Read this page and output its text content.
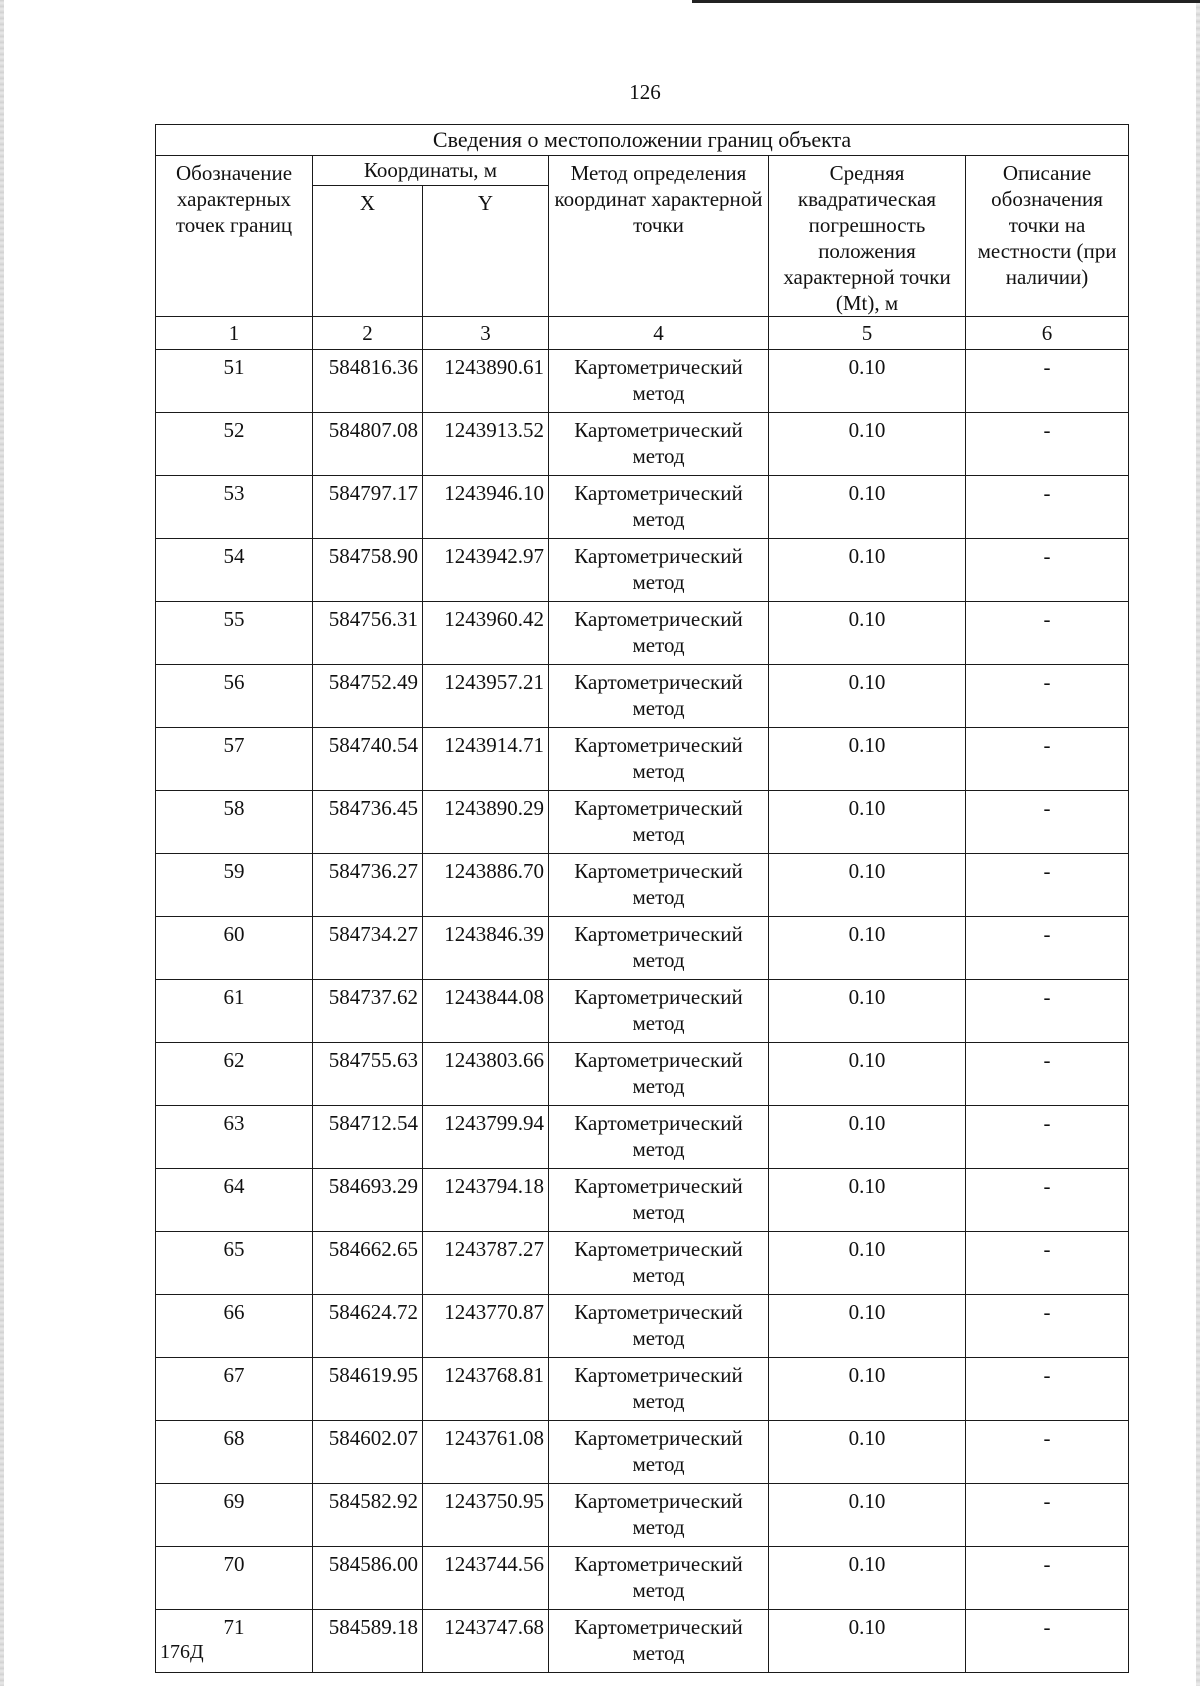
126
Сведения о местоположении границ объекта					
Обозначение характерных точек границ	Координаты, м		Метод определения координат характерной точки	Средняя квадратическая погрешность положения характерной точки (Mt), м	Описание обозначения точки на местности (при наличии)
	X	Y			
1	2	3	4	5	6
51	584816.36	1243890.61	Картометрический метод	0.10	-
52	584807.08	1243913.52	Картометрический метод	0.10	-
53	584797.17	1243946.10	Картометрический метод	0.10	-
54	584758.90	1243942.97	Картометрический метод	0.10	-
55	584756.31	1243960.42	Картометрический метод	0.10	-
56	584752.49	1243957.21	Картометрический метод	0.10	-
57	584740.54	1243914.71	Картометрический метод	0.10	-
58	584736.45	1243890.29	Картометрический метод	0.10	-
59	584736.27	1243886.70	Картометрический метод	0.10	-
60	584734.27	1243846.39	Картометрический метод	0.10	-
61	584737.62	1243844.08	Картометрический метод	0.10	-
62	584755.63	1243803.66	Картометрический метод	0.10	-
63	584712.54	1243799.94	Картометрический метод	0.10	-
64	584693.29	1243794.18	Картометрический метод	0.10	-
65	584662.65	1243787.27	Картометрический метод	0.10	-
66	584624.72	1243770.87	Картометрический метод	0.10	-
67	584619.95	1243768.81	Картометрический метод	0.10	-
68	584602.07	1243761.08	Картометрический метод	0.10	-
69	584582.92	1243750.95	Картометрический метод	0.10	-
70	584586.00	1243744.56	Картометрический метод	0.10	-
71	584589.18	1243747.68	Картометрический метод	0.10	-
176Д
